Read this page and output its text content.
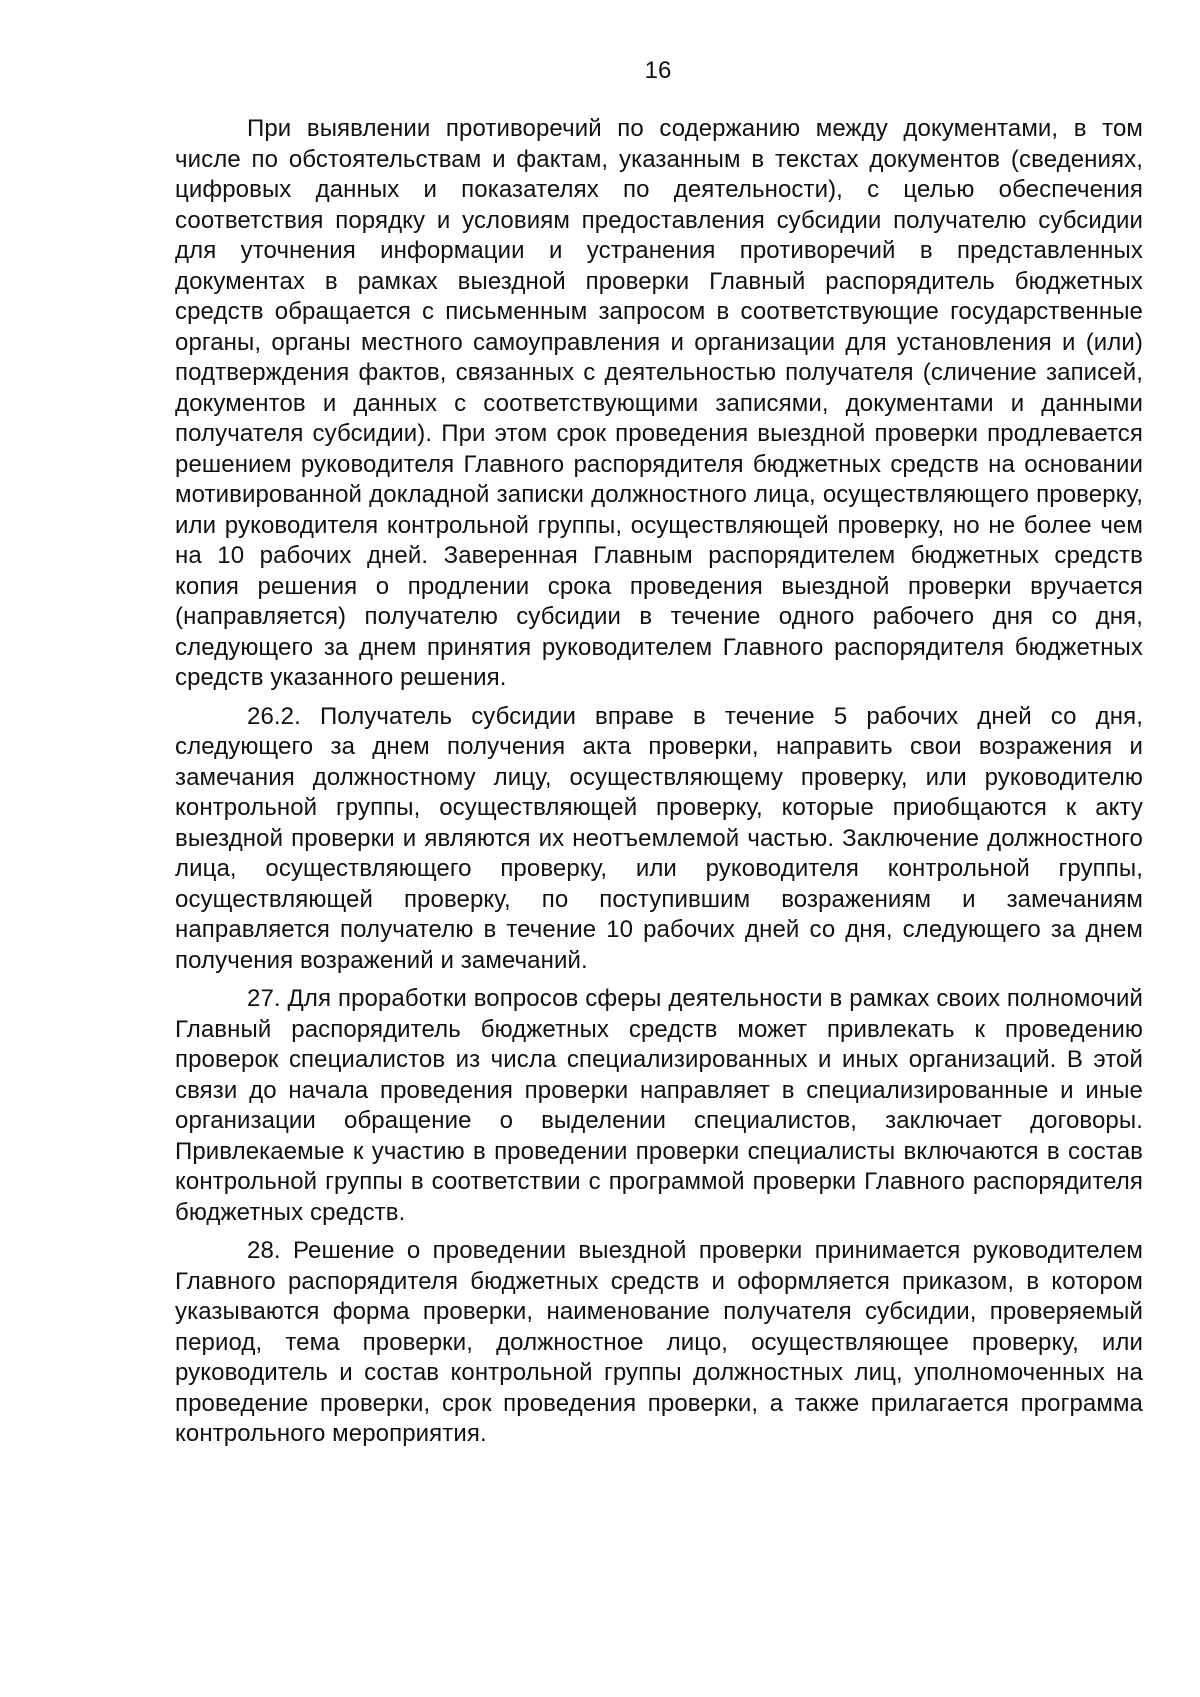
16

При выявлении противоречий по содержанию между документами, в том числе по обстоятельствам и фактам, указанным в текстах документов (сведениях, цифровых данных и показателях по деятельности), с целью обеспечения соответствия порядку и условиям предоставления субсидии получателю субсидии для уточнения информации и устранения противоречий в представленных документах в рамках выездной проверки Главный распорядитель бюджетных средств обращается с письменным запросом в соответствующие государственные органы, органы местного самоуправления и организации для установления и (или) подтверждения фактов, связанных с деятельностью получателя (сличение записей, документов и данных с соответствующими записями, документами и данными получателя субсидии). При этом срок проведения выездной проверки продлевается решением руководителя Главного распорядителя бюджетных средств на основании мотивированной докладной записки должностного лица, осуществляющего проверку, или руководителя контрольной группы, осуществляющей проверку, но не более чем на 10 рабочих дней. Заверенная Главным распорядителем бюджетных средств копия решения о продлении срока проведения выездной проверки вручается (направляется) получателю субсидии в течение одного рабочего дня со дня, следующего за днем принятия руководителем Главного распорядителя бюджетных средств указанного решения.

26.2. Получатель субсидии вправе в течение 5 рабочих дней со дня, следующего за днем получения акта проверки, направить свои возражения и замечания должностному лицу, осуществляющему проверку, или руководителю контрольной группы, осуществляющей проверку, которые приобщаются к акту выездной проверки и являются их неотъемлемой частью. Заключение должностного лица, осуществляющего проверку, или руководителя контрольной группы, осуществляющей проверку, по поступившим возражениям и замечаниям направляется получателю в течение 10 рабочих дней со дня, следующего за днем получения возражений и замечаний.

27. Для проработки вопросов сферы деятельности в рамках своих полномочий Главный распорядитель бюджетных средств может привлекать к проведению проверок специалистов из числа специализированных и иных организаций. В этой связи до начала проведения проверки направляет в специализированные и иные организации обращение о выделении специалистов, заключает договоры. Привлекаемые к участию в проведении проверки специалисты включаются в состав контрольной группы в соответствии с программой проверки Главного распорядителя бюджетных средств.

28. Решение о проведении выездной проверки принимается руководителем Главного распорядителя бюджетных средств и оформляется приказом, в котором указываются форма проверки, наименование получателя субсидии, проверяемый период, тема проверки, должностное лицо, осуществляющее проверку, или руководитель и состав контрольной группы должностных лиц, уполномоченных на проведение проверки, срок проведения проверки, а также прилагается программа контрольного мероприятия.
